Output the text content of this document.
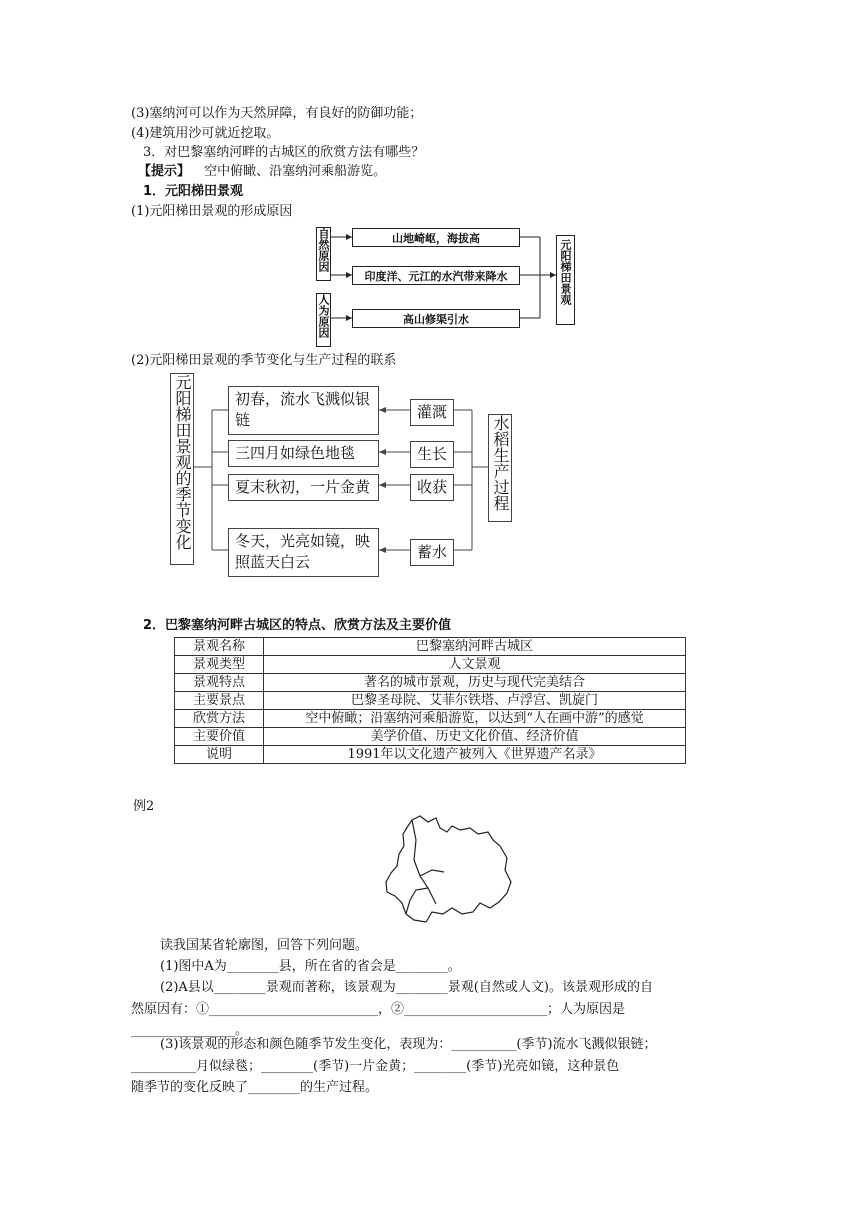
(3)塞纳河可以作为天然屏障，有良好的防御功能；
(4)建筑用沙可就近挖取。
3．对巴黎塞纳河畔的古城区的欣赏方法有哪些？
【提示】 空中俯瞰、沿塞纳河乘船游览。
1．元阳梯田景观
(1)元阳梯田景观的形成原因
自然原因
人为原因
山地崎岖，海拔高
印度洋、元江的水汽带来降水
高山修渠引水
元阳梯田景观
(2)元阳梯田景观的季节变化与生产过程的联系
元阳梯田景观的季节变化	初春，流水飞溅似银链
三四月如绿色地毯
夏末秋初，一片金黄
冬天，光亮如镜，映照蓝天白云
灌溉
生长
收获
蓄水
水稻生产过程
2．巴黎塞纳河畔古城区的特点、欣赏方法及主要价值
景观名称	巴黎塞纳河畔古城区
景观类型	人文景观
景观特点	著名的城市景观，历史与现代完美结合
主要景点	巴黎圣母院、艾菲尔铁塔、卢浮宫、凯旋门
欣赏方法	空中俯瞰；沿塞纳河乘船游览，以达到“人在画中游”的感觉
主要价值	美学价值、历史文化价值、经济价值
说明	1991年以文化遗产被列入《世界遗产名录》
例2
读我国某省轮廓图，回答下列问题。
(1)图中A为________县，所在省的省会是________。
(2)A县以________景观而著称，该景观为________景观(自然或人文)。该景观形成的自
然原因有：①__________________________，②______________________；人为原因是
________________。
(3)该景观的形态和颜色随季节发生变化，表现为：__________(季节)流水飞溅似银链；
__________月似绿毯；________(季节)一片金黄；________(季节)光亮如镜，这种景色
随季节的变化反映了________的生产过程。
